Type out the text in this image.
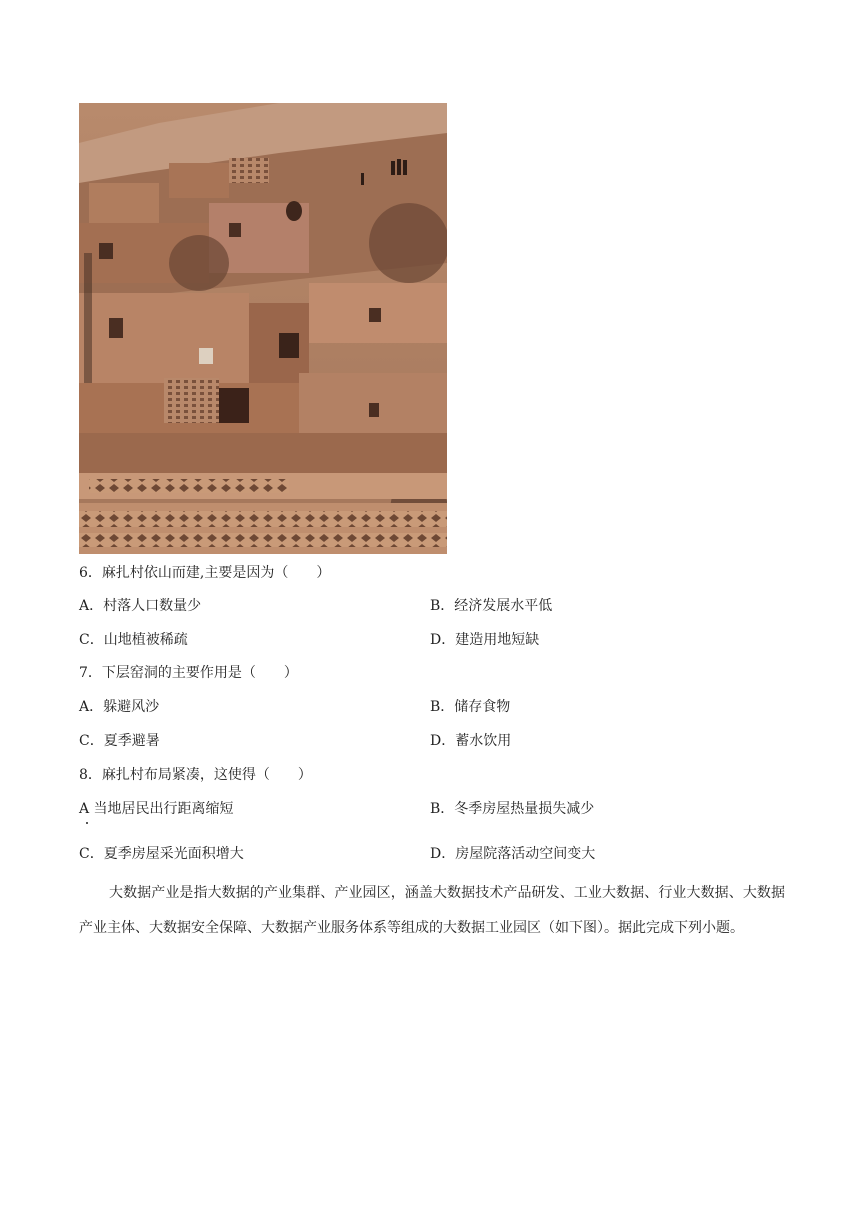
6．麻扎村依山而建,主要是因为（　　）
A．村落人口数量少	B．经济发展水平低
C．山地植被稀疏	D．建造用地短缺
7．下层窑洞的主要作用是（　　）
A．躲避风沙	B．储存食物
C．夏季避暑	D．蓄水饮用
8．麻扎村布局紧凑，这使得（　　）
A 当地居民出行距离缩短	B．冬季房屋热量损失减少
C．夏季房屋采光面积增大	D．房屋院落活动空间变大
大数据产业是指大数据的产业集群、产业园区，涵盖大数据技术产品研发、工业大数据、行业大数据、大数据产业主体、大数据安全保障、大数据产业服务体系等组成的大数据工业园区（如下图）。据此完成下列小题。
